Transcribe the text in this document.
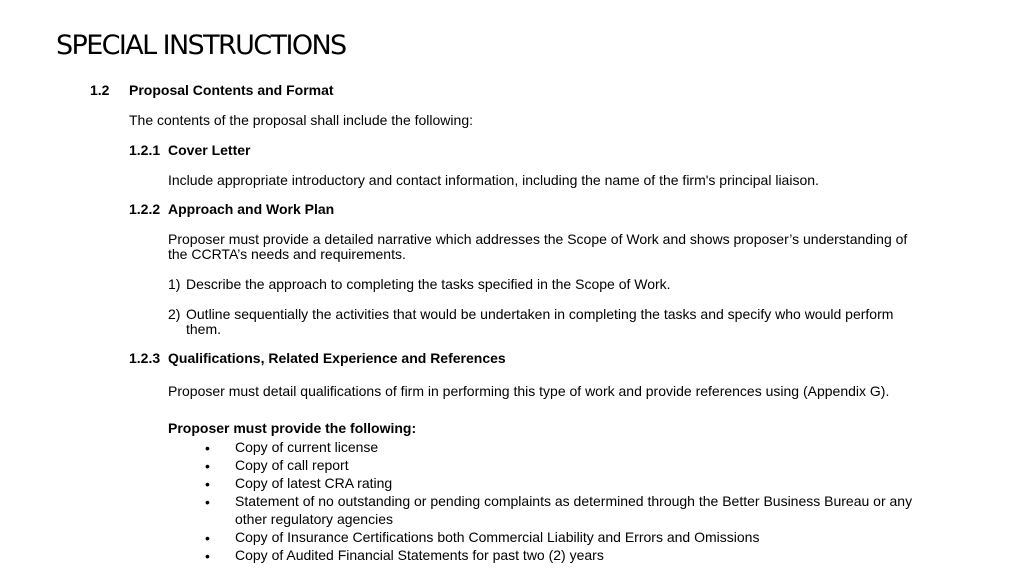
SPECIAL INSTRUCTIONS
1.2 Proposal Contents and Format
The contents of the proposal shall include the following:
1.2.1 Cover Letter
Include appropriate introductory and contact information, including the name of the firm's principal liaison.
1.2.2 Approach and Work Plan
Proposer must provide a detailed narrative which addresses the Scope of Work and shows proposer’s understanding of
the CCRTA’s needs and requirements.
1) Describe the approach to completing the tasks specified in the Scope of Work.
2) Outline sequentially the activities that would be undertaken in completing the tasks and specify who would perform
them.
1.2.3 Qualifications, Related Experience and References
Proposer must detail qualifications of firm in performing this type of work and provide references using (Appendix G).
Proposer must provide the following:
• Copy of current license
• Copy of call report
• Copy of latest CRA rating
• Statement of no outstanding or pending complaints as determined through the Better Business Bureau or any
other regulatory agencies
• Copy of Insurance Certifications both Commercial Liability and Errors and Omissions
• Copy of Audited Financial Statements for past two (2) years
